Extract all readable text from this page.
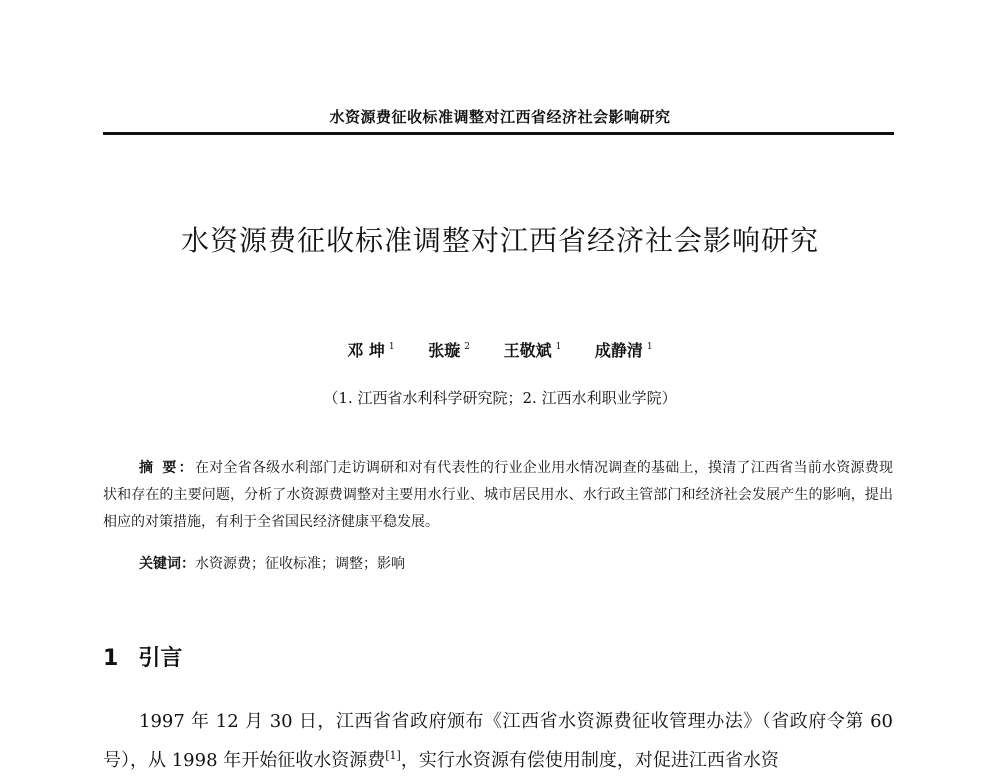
水资源费征收标准调整对江西省经济社会影响研究
水资源费征收标准调整对江西省经济社会影响研究
邓 坤 $^1$ 张璇 $^2$ 王敬斌 $^1$ 成静清 $^1$
（1. 江西省水利科学研究院；2. 江西水利职业学院）

摘 要：在对全省各级水利部门走访调研和对有代表性的行业企业用水情况调查的基础上，摸清了江西省当前水资源费现状和存在的主要问题，分析了水资源费调整对主要用水行业、城市居民用水、水行政主管部门和经济社会发展产生的影响，提出相应的对策措施，有利于全省国民经济健康平稳发展。

关键词：水资源费；征收标准；调整；影响

1 引言

1997 年 12 月 30 日，江西省省政府颁布《江西省水资源费征收管理办法》（省政府令第 60 号），从 1998 年开始征收水资源费[1]，实行水资源有偿使用制度，对促进江西省水资
